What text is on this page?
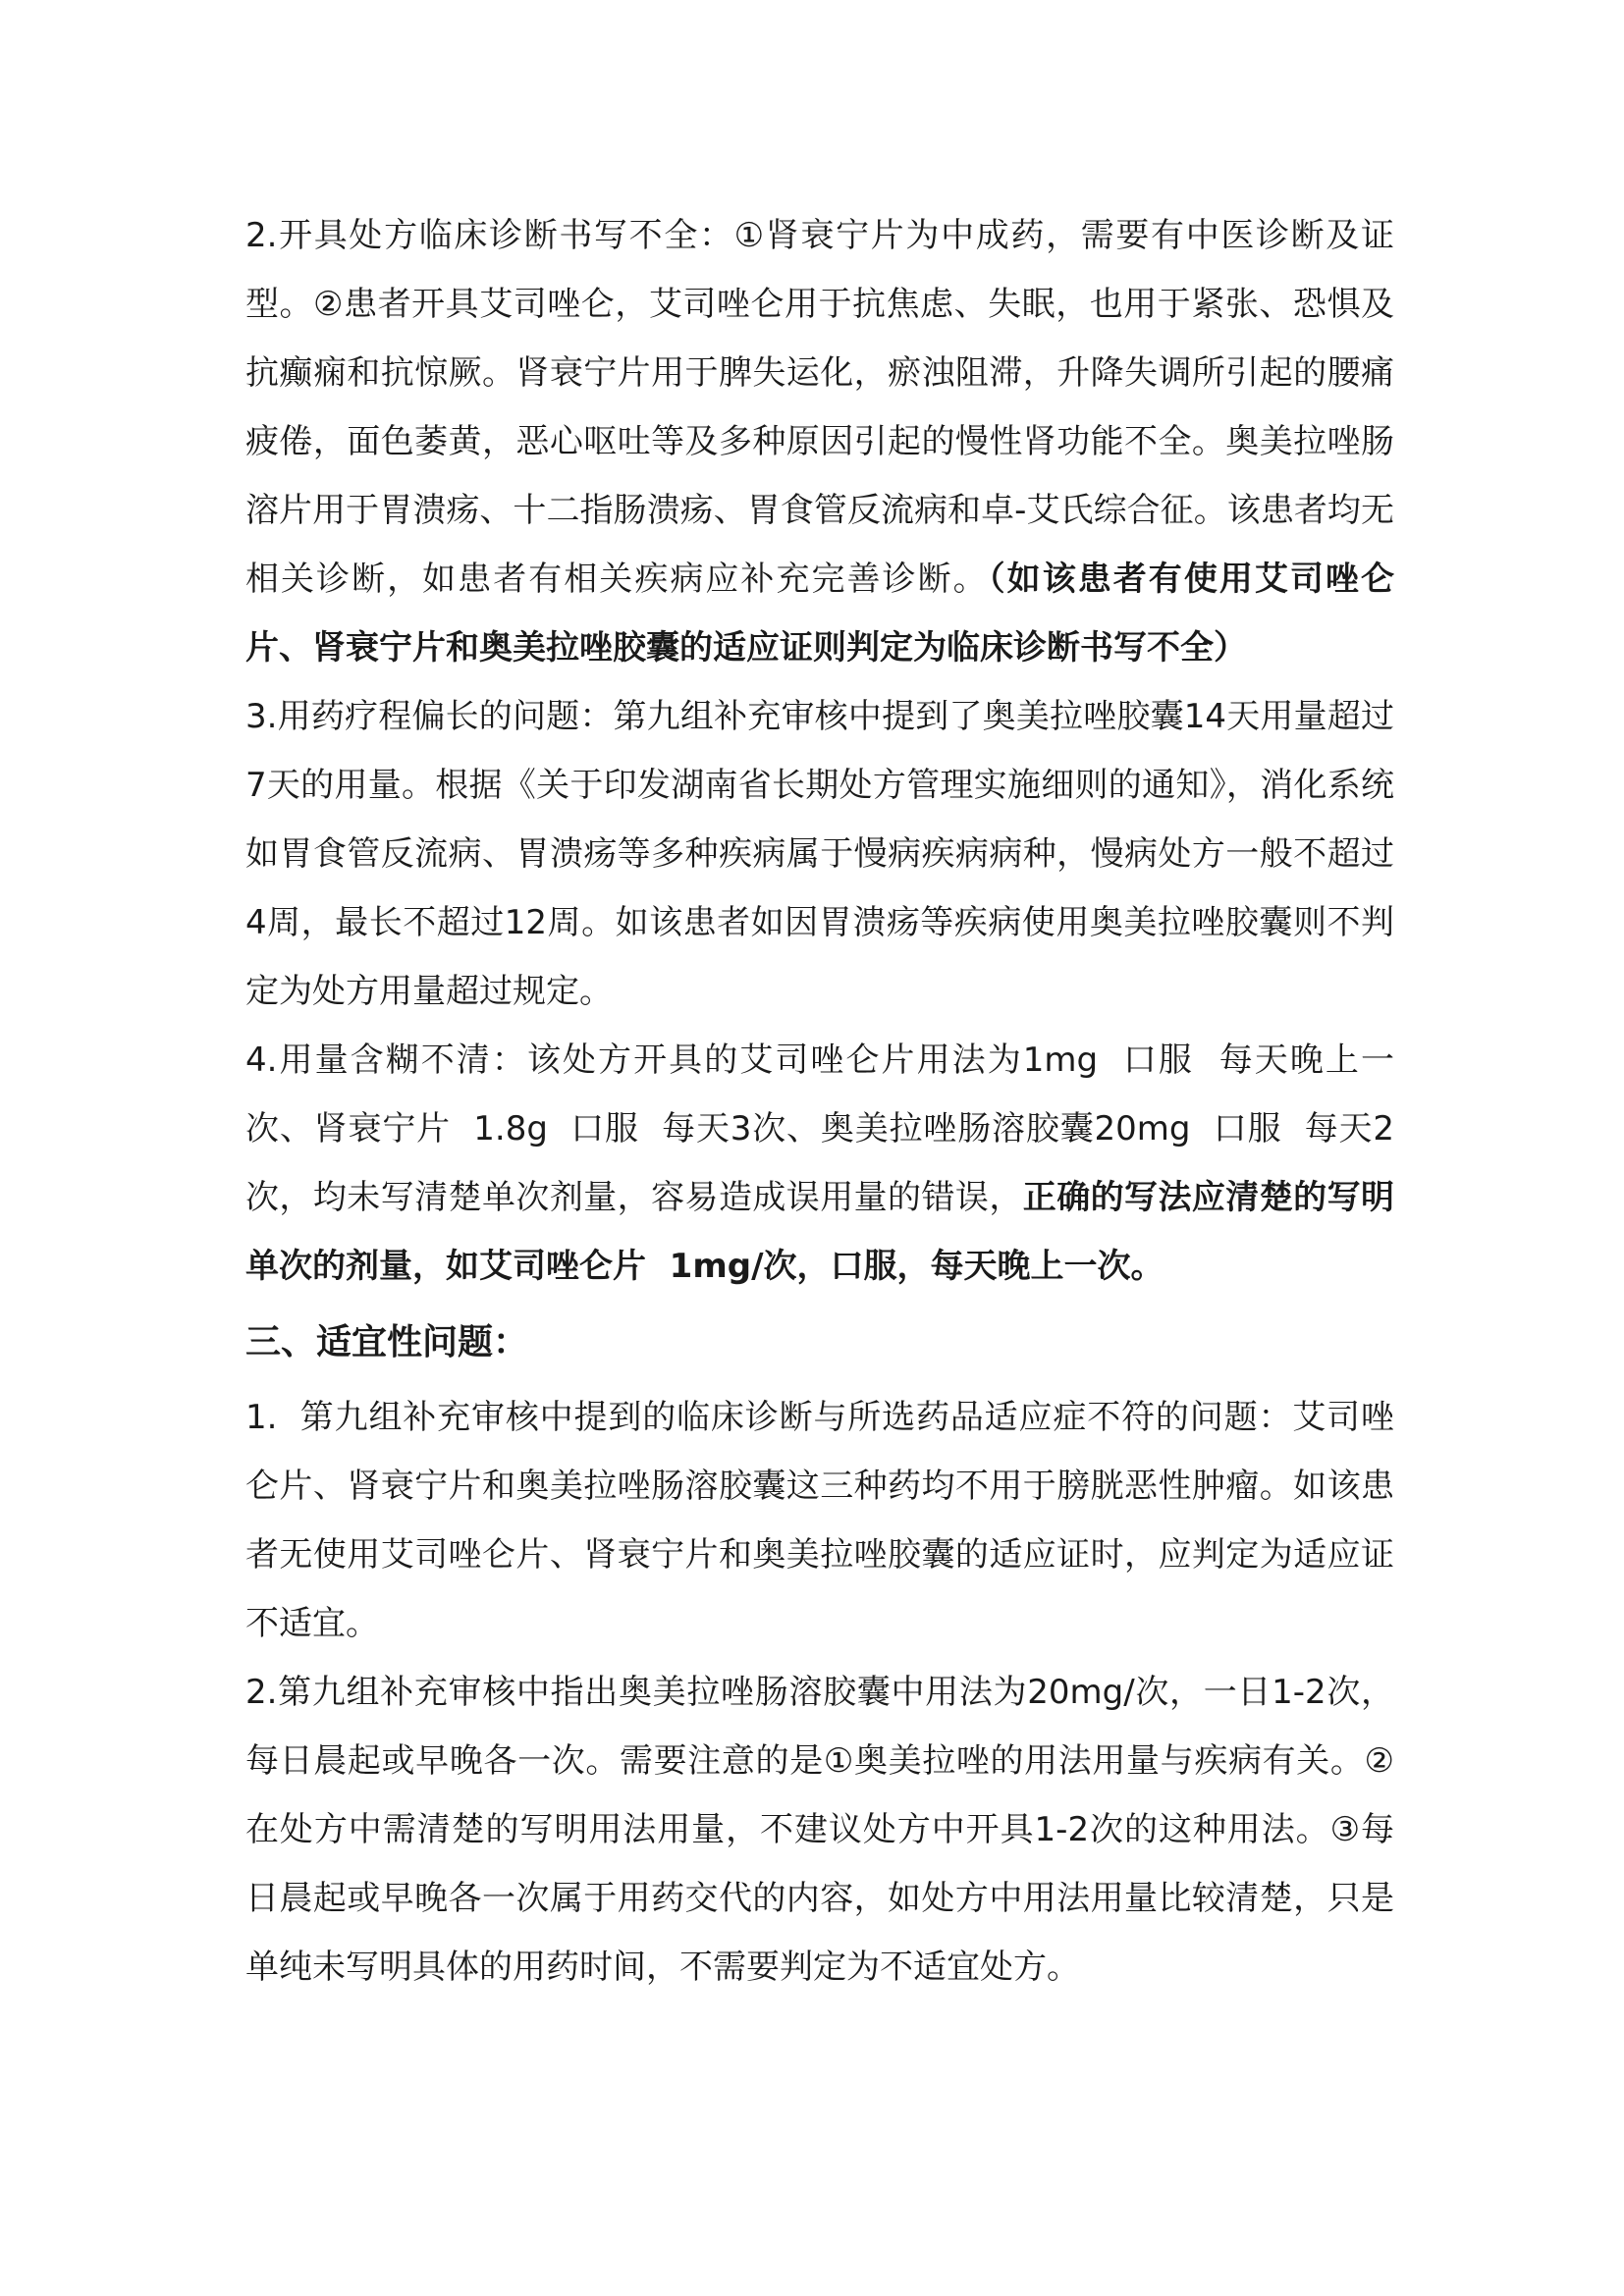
2.开具处方临床诊断书写不全：①肾衰宁片为中成药，需要有中医诊断及证型。②患者开具艾司唑仑，艾司唑仑用于抗焦虑、失眠，也用于紧张、恐惧及抗癫痫和抗惊厥。肾衰宁片用于脾失运化，瘀浊阻滞，升降失调所引起的腰痛疲倦，面色萎黄，恶心呕吐等及多种原因引起的慢性肾功能不全。奥美拉唑肠溶片用于胃溃疡、十二指肠溃疡、胃食管反流病和卓-艾氏综合征。该患者均无相关诊断，如患者有相关疾病应补充完善诊断。（如该患者有使用艾司唑仑片、肾衰宁片和奥美拉唑胶囊的适应证则判定为临床诊断书写不全）

3.用药疗程偏长的问题：第九组补充审核中提到了奥美拉唑胶囊14天用量超过7天的用量。根据《关于印发湖南省长期处方管理实施细则的通知》，消化系统如胃食管反流病、胃溃疡等多种疾病属于慢病疾病病种，慢病处方一般不超过4周，最长不超过12周。如该患者如因胃溃疡等疾病使用奥美拉唑胶囊则不判定为处方用量超过规定。

4.用量含糊不清：该处方开具的艾司唑仑片用法为1mg  口服  每天晚上一次、肾衰宁片  1.8g  口服  每天3次、奥美拉唑肠溶胶囊20mg  口服  每天2次，均未写清楚单次剂量，容易造成误用量的错误，正确的写法应清楚的写明单次的剂量，如艾司唑仑片  1mg/次，口服，每天晚上一次。

三、适宜性问题：

1.  第九组补充审核中提到的临床诊断与所选药品适应症不符的问题：艾司唑仑片、肾衰宁片和奥美拉唑肠溶胶囊这三种药均不用于膀胱恶性肿瘤。如该患者无使用艾司唑仑片、肾衰宁片和奥美拉唑胶囊的适应证时，应判定为适应证不适宜。

2.第九组补充审核中指出奥美拉唑肠溶胶囊中用法为20mg/次，一日1-2次，每日晨起或早晚各一次。需要注意的是①奥美拉唑的用法用量与疾病有关。②在处方中需清楚的写明用法用量，不建议处方中开具1-2次的这种用法。③每日晨起或早晚各一次属于用药交代的内容，如处方中用法用量比较清楚，只是单纯未写明具体的用药时间，不需要判定为不适宜处方。
